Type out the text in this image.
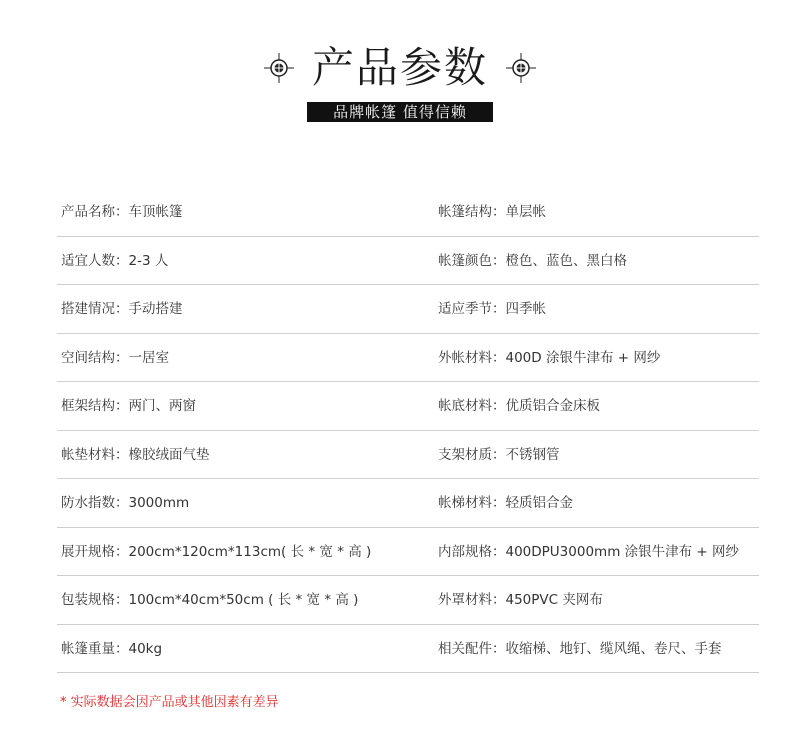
产品参数
品牌帐篷 值得信赖
产品名称：车顶帐篷	帐篷结构：单层帐
适宜人数：2-3 人	帐篷颜色：橙色、蓝色、黑白格
搭建情况：手动搭建	适应季节：四季帐
空间结构：一居室	外帐材料：400D 涂银牛津布 + 网纱
框架结构：两门、两窗	帐底材料：优质铝合金床板
帐垫材料：橡胶绒面气垫	支架材质：不锈钢管
防水指数：3000mm	帐梯材料：轻质铝合金
展开规格：200cm*120cm*113cm( 长 * 宽 * 高 )	内部规格：400DPU3000mm 涂银牛津布 + 网纱
包装规格：100cm*40cm*50cm ( 长 * 宽 * 高 )	外罩材料：450PVC 夹网布
帐篷重量：40kg	相关配件：收缩梯、地钉、缆风绳、卷尺、手套
* 实际数据会因产品或其他因素有差异
